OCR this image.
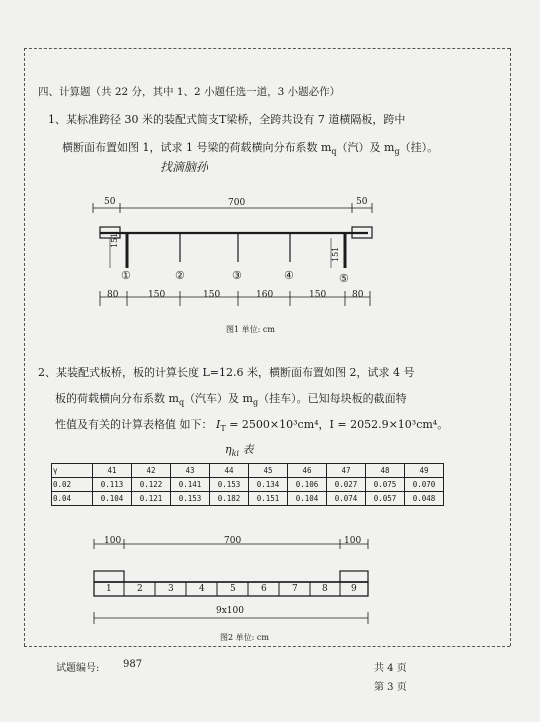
四、计算题（共 22 分，其中 1、2 小题任选一道，3 小题必作）
1、某标准跨径 30 米的装配式简支T梁桥，全跨共设有 7 道横隔板，跨中
横断面布置如图 1，试求 1 号梁的荷载横向分布系数 $m_q$（汽）及 $m_g$（挂）。
找滴脑孙
50	700	50
151
151
①	②	③	④	⑤
80	150	150	160	150	80
图1 单位: cm
2、某装配式板桥，板的计算长度 L=12.6 米，横断面布置如图 2，试求 4 号
板的荷载横向分布系数 $m_q$（汽车）及 $m_g$（挂车）。已知每块板的截面特
性值及有关的计算表格值 如下： $I_T = 2500\times 10^3cm^4$，I = 2052.9×10³cm⁴。
$\eta_{ki}$ 表
γ	41	42	43	44	45	46	47	48	49
0.02	0.113	0.122	0.141	0.153	0.134	0.106	0.027	0.075	0.070
0.04	0.104	0.121	0.153	0.182	0.151	0.104	0.074	0.057	0.048
100	700	100
1	2	3	4	5	6	7	8	9
9x100
图2 单位: cm
试题编号: 987	共 4 页
第 3 页
